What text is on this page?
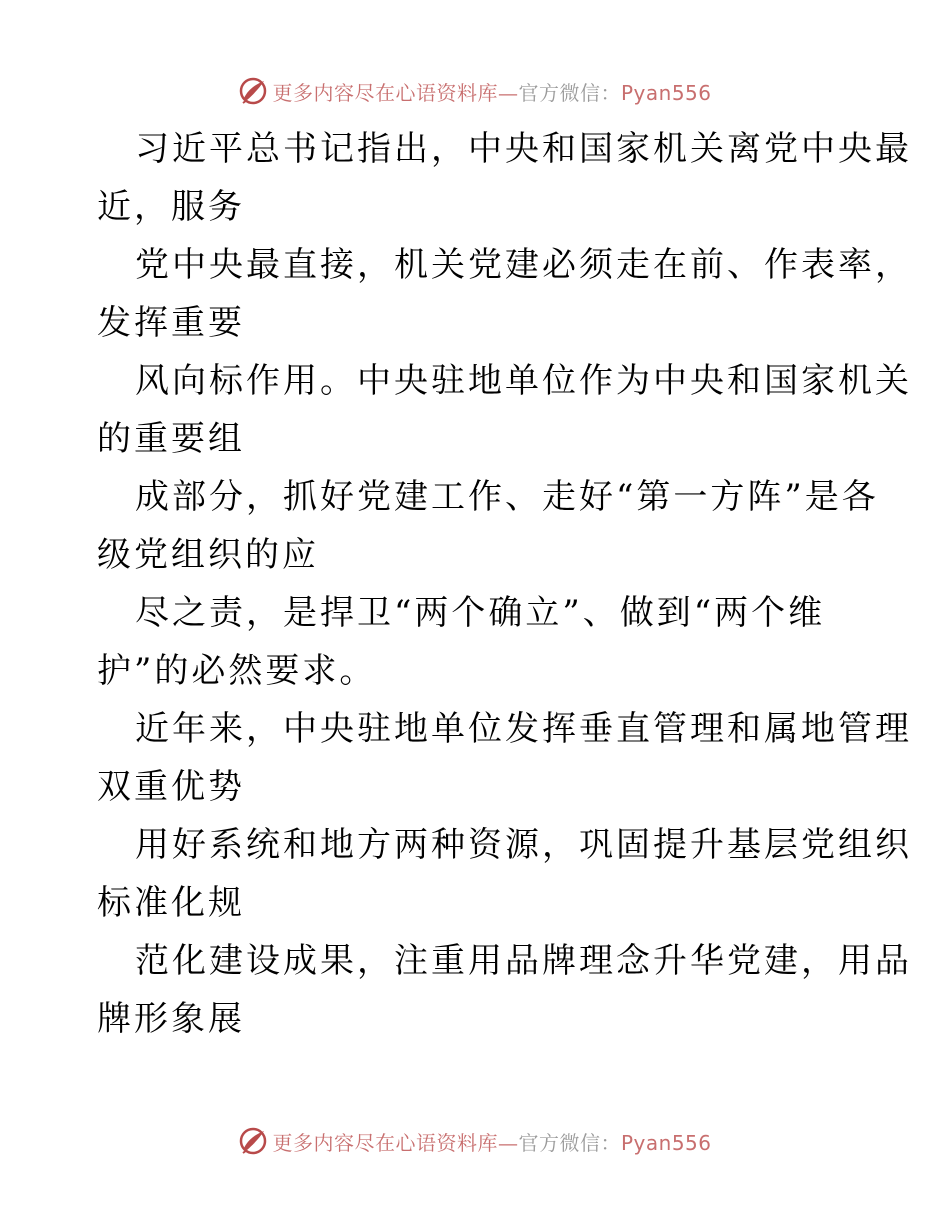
更多内容尽在心语资料库—官方微信：Pyan556
习近平总书记指出，中央和国家机关离党中央最
近，服务
党中央最直接，机关党建必须走在前、作表率，
发挥重要
风向标作用。中央驻地单位作为中央和国家机关
的重要组
成部分，抓好党建工作、走好“第一方阵”是各
级党组织的应
尽之责，是捍卫“两个确立”、做到“两个维
护”的必然要求。
近年来，中央驻地单位发挥垂直管理和属地管理
双重优势
用好系统和地方两种资源，巩固提升基层党组织
标准化规
范化建设成果，注重用品牌理念升华党建，用品
牌形象展
更多内容尽在心语资料库—官方微信：Pyan556
